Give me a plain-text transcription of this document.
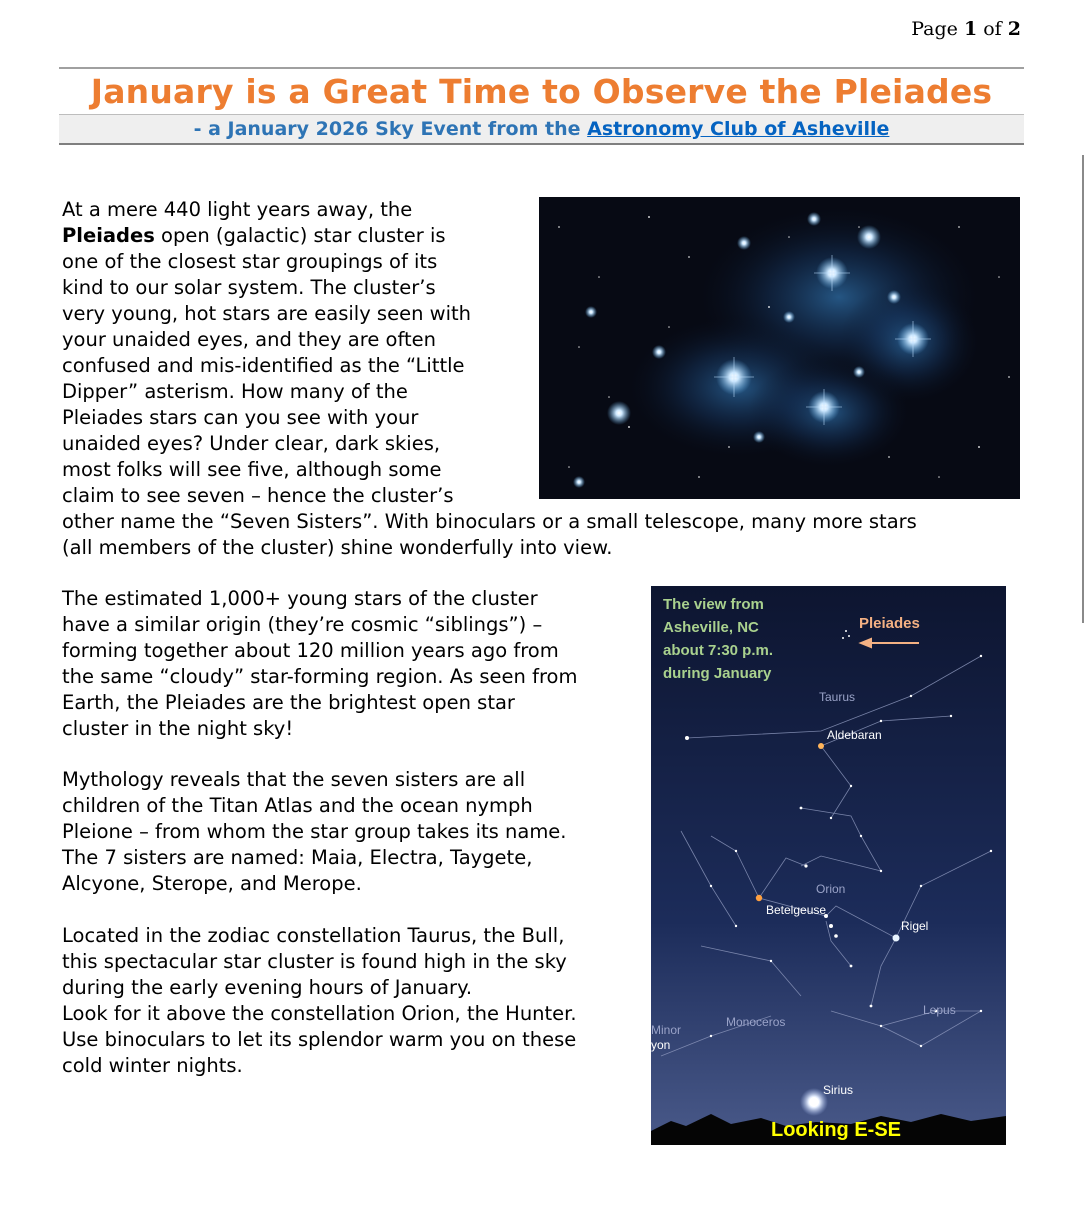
Page 1 of 2
January is a Great Time to Observe the Pleiades
- a January 2026 Sky Event from the Astronomy Club of Asheville
At a mere 440 light years away, the
Pleiades open (galactic) star cluster is
one of the closest star groupings of its
kind to our solar system. The cluster’s
very young, hot stars are easily seen with
your unaided eyes, and they are often
confused and mis-identified as the “Little
Dipper” asterism. How many of the
Pleiades stars can you see with your
unaided eyes? Under clear, dark skies,
most folks will see five, although some
claim to see seven – hence the cluster’s
other name the “Seven Sisters”. With binoculars or a small telescope, many more stars
(all members of the cluster) shine wonderfully into view.
The estimated 1,000+ young stars of the cluster
have a similar origin (they’re cosmic “siblings”) –
forming together about 120 million years ago from
the same “cloudy” star-forming region. As seen from
Earth, the Pleiades are the brightest open star
cluster in the night sky!
Mythology reveals that the seven sisters are all
children of the Titan Atlas and the ocean nymph
Pleione – from whom the star group takes its name.
The 7 sisters are named: Maia, Electra, Taygete,
Alcyone, Sterope, and Merope.
Located in the zodiac constellation Taurus, the Bull,
this spectacular star cluster is found high in the sky
during the early evening hours of January.
Look for it above the constellation Orion, the Hunter.
Use binoculars to let its splendor warm you on these
cold winter nights.
The view from
Asheville, NC
about 7:30 p.m.
during January
Pleiades
Taurus
Aldebaran
Orion
Betelgeuse
Rigel
Monoceros
Lepus
Minor
yon
Sirius
Looking E-SE
